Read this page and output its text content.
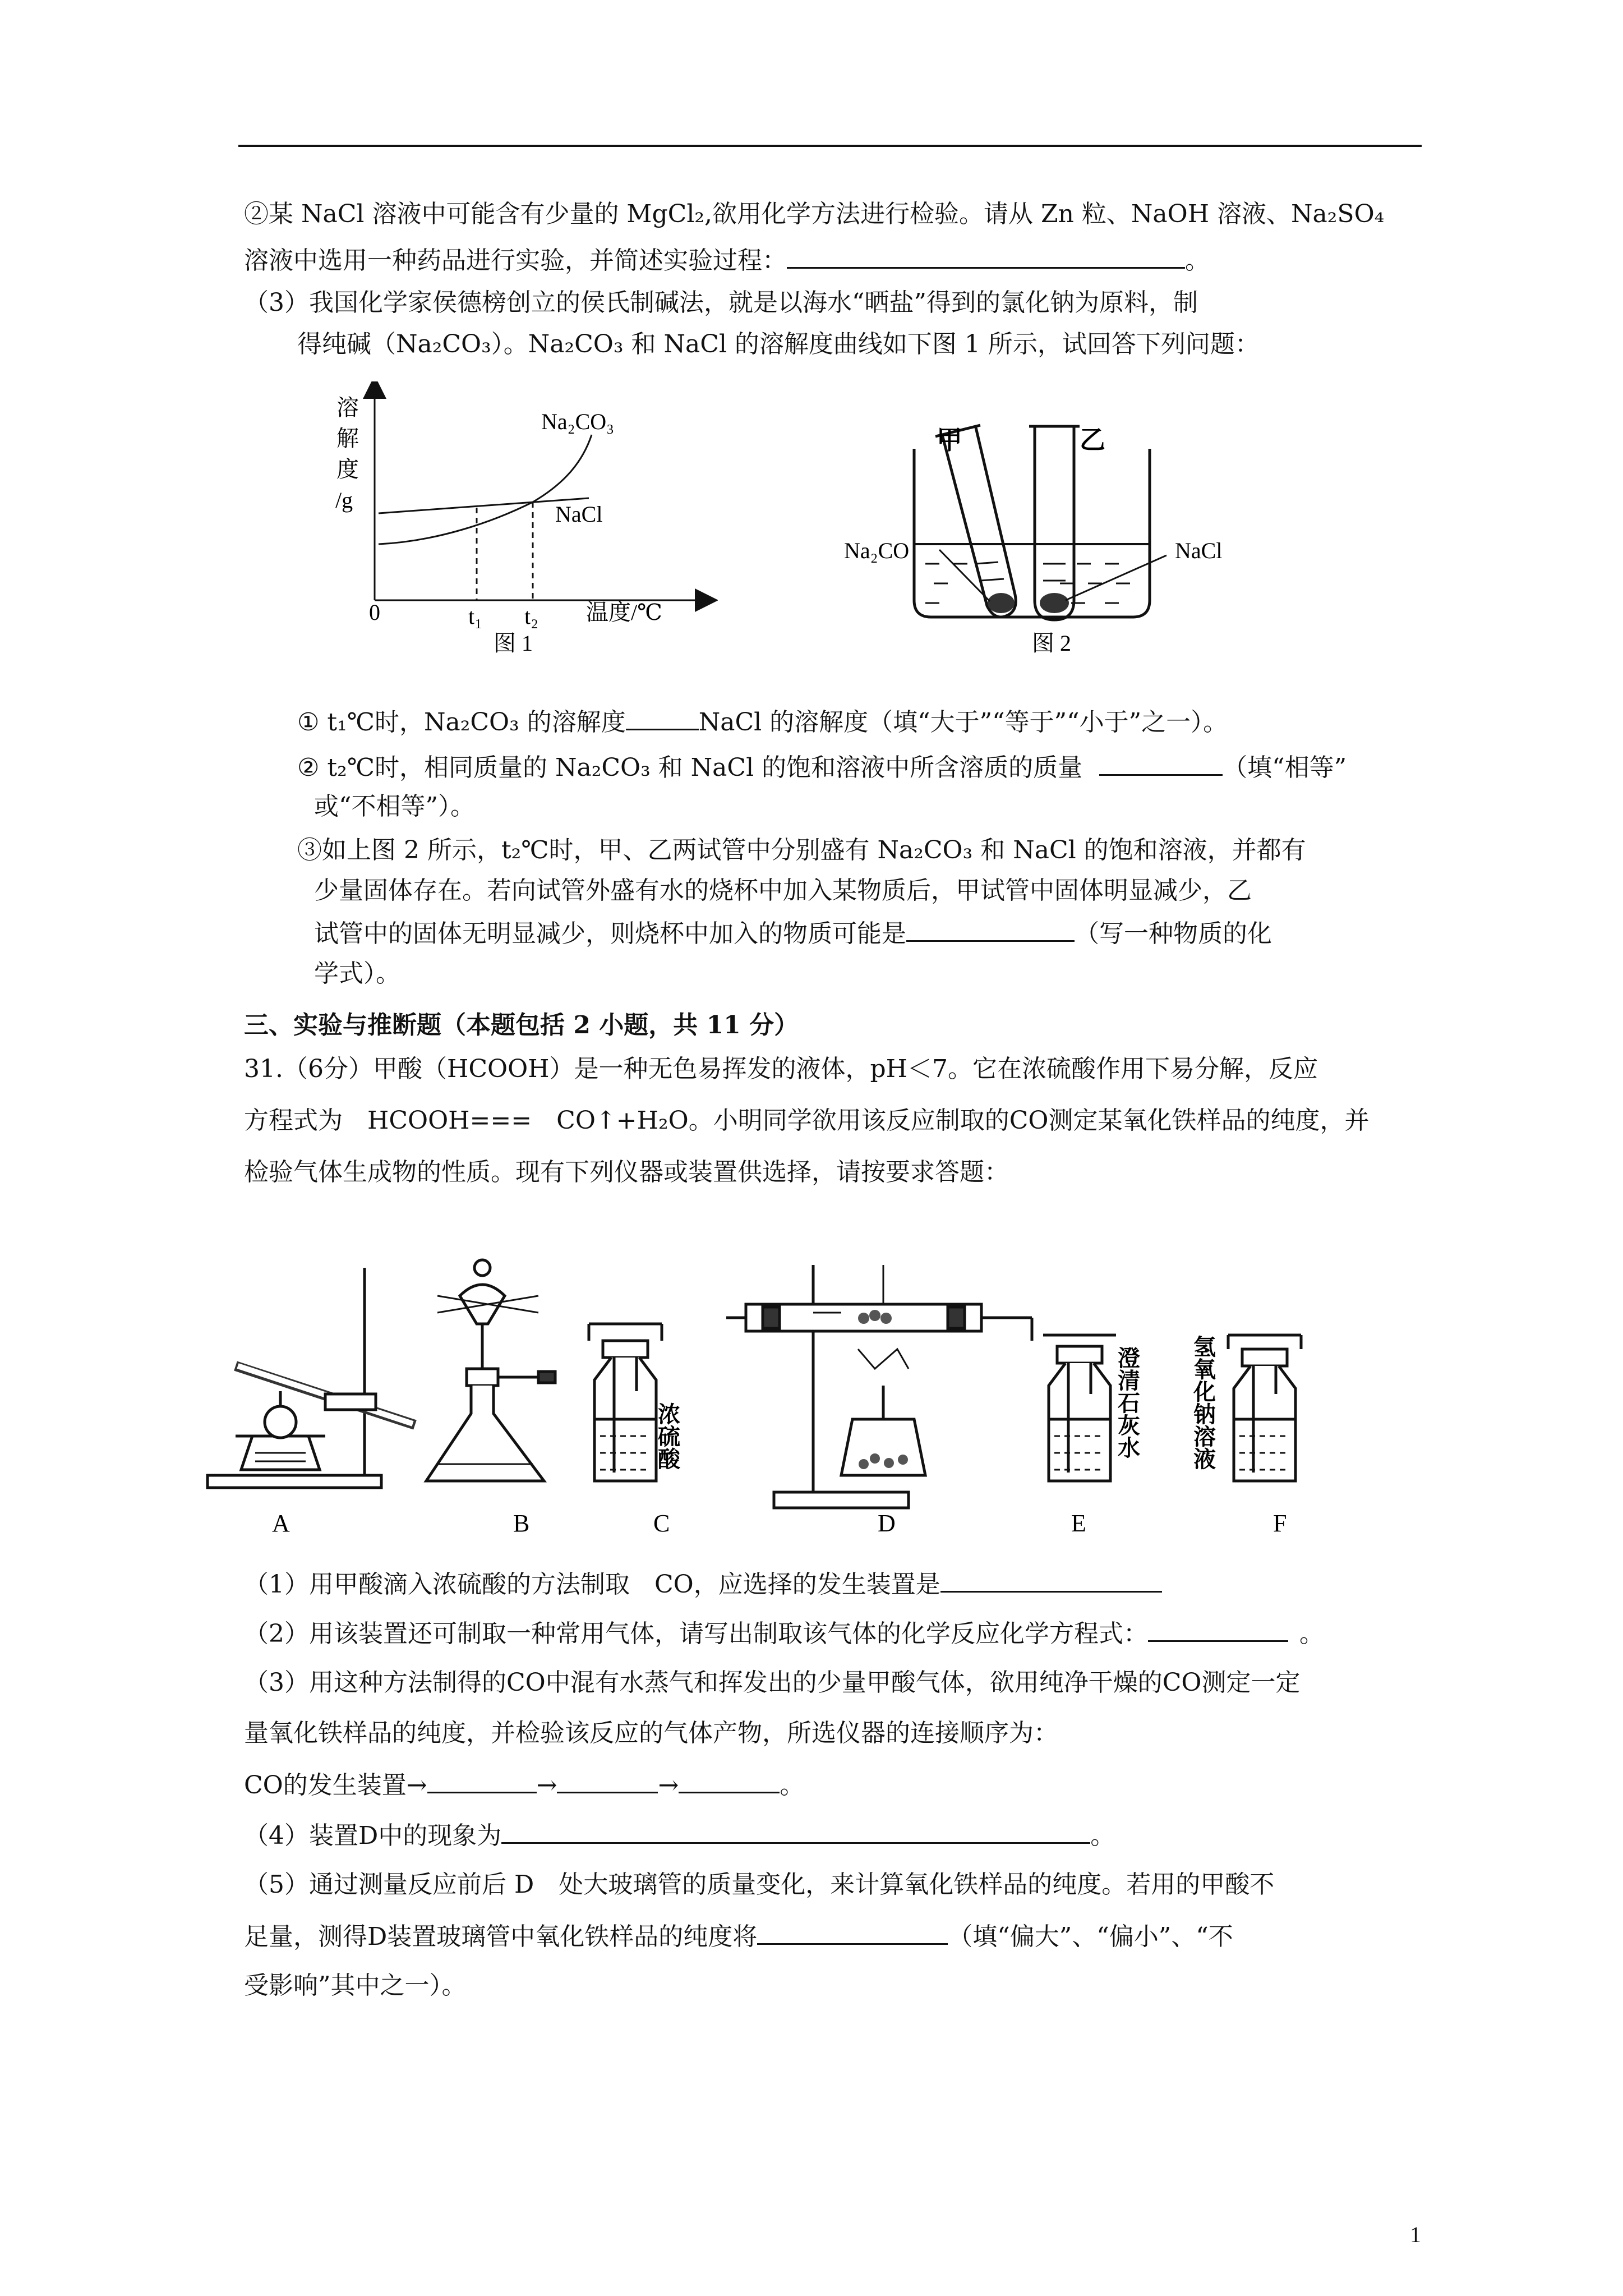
②某 NaCl 溶液中可能含有少量的 MgCl₂,欲用化学方法进行检验。请从 Zn 粒、NaOH 溶液、Na₂SO₄
溶液中选用一种药品进行实验，并简述实验过程：	。
（3）我国化学家侯德榜创立的侯氏制碱法，就是以海水“晒盐”得到的氯化钠为原料，制
得纯碱（Na₂CO₃）。Na₂CO₃ 和 NaCl 的溶解度曲线如下图 1 所示，试回答下列问题：
溶
解
度
/g
Na₂CO₃
NaCl
0	t₁ t₂ 温度/℃
图 1
甲	乙
Na₂CO	NaCl
图 2
① t₁℃时，Na₂CO₃ 的溶解度	NaCl 的溶解度（填“大于”“等于”“小于”之一）。
② t₂℃时，相同质量的 Na₂CO₃ 和 NaCl 的饱和溶液中所含溶质的质量	（填“相等”
或“不相等”）。
③如上图 2 所示，t₂℃时，甲、乙两试管中分别盛有 Na₂CO₃ 和 NaCl 的饱和溶液，并都有
少量固体存在。若向试管外盛有水的烧杯中加入某物质后，甲试管中固体明显减少，乙
试管中的固体无明显减少，则烧杯中加入的物质可能是	（写一种物质的化
学式）。
三、实验与推断题（本题包括 2 小题，共 11 分）
31.（6分）甲酸（HCOOH）是一种无色易挥发的液体，pH＜7。它在浓硫酸作用下易分解，反应
方程式为　HCOOH===　CO↑+H₂O。小明同学欲用该反应制取的CO测定某氧化铁样品的纯度，并
检验气体生成物的性质。现有下列仪器或装置供选择，请按要求答题：
浓硫酸	澄清石灰水 氢氧化钠溶液
A	B	C	D	E	F
（1）用甲酸滴入浓硫酸的方法制取　CO，应选择的发生装置是
（2）用该装置还可制取一种常用气体，请写出制取该气体的化学反应化学方程式：	。
（3）用这种方法制得的CO中混有水蒸气和挥发出的少量甲酸气体，欲用纯净干燥的CO测定一定
量氧化铁样品的纯度，并检验该反应的气体产物，所选仪器的连接顺序为：
CO的发生装置→	→	→	。
（4）装置D中的现象为	。
（5）通过测量反应前后 D　处大玻璃管的质量变化，来计算氧化铁样品的纯度。若用的甲酸不
足量，测得D装置玻璃管中氧化铁样品的纯度将	（填“偏大”、“偏小”、“不
受影响”其中之一）。
1
